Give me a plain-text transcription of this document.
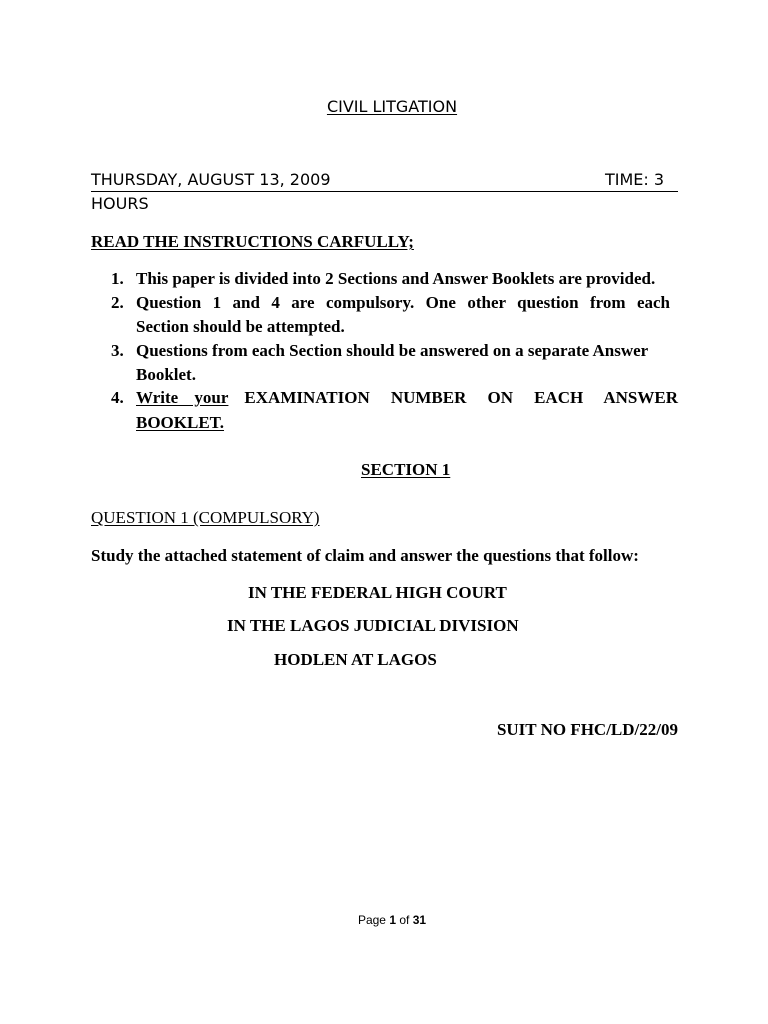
CIVIL LITGATION
THURSDAY, AUGUST 13, 2009	TIME: 3
HOURS
READ THE INSTRUCTIONS CARFULLY;
1. This paper is divided into 2 Sections and Answer Booklets are provided.
2. Question 1 and 4 are compulsory. One other question from each
Section should be attempted.
3. Questions from each Section should be answered on a separate Answer
Booklet.
4. Write your EXAMINATION NUMBER ON EACH ANSWER
BOOKLET.
SECTION 1
QUESTION 1 (COMPULSORY)
Study the attached statement of claim and answer the questions that follow:
IN THE FEDERAL HIGH COURT
IN THE LAGOS JUDICIAL DIVISION
HODLEN AT LAGOS
SUIT NO FHC/LD/22/09
Page 1 of 31
